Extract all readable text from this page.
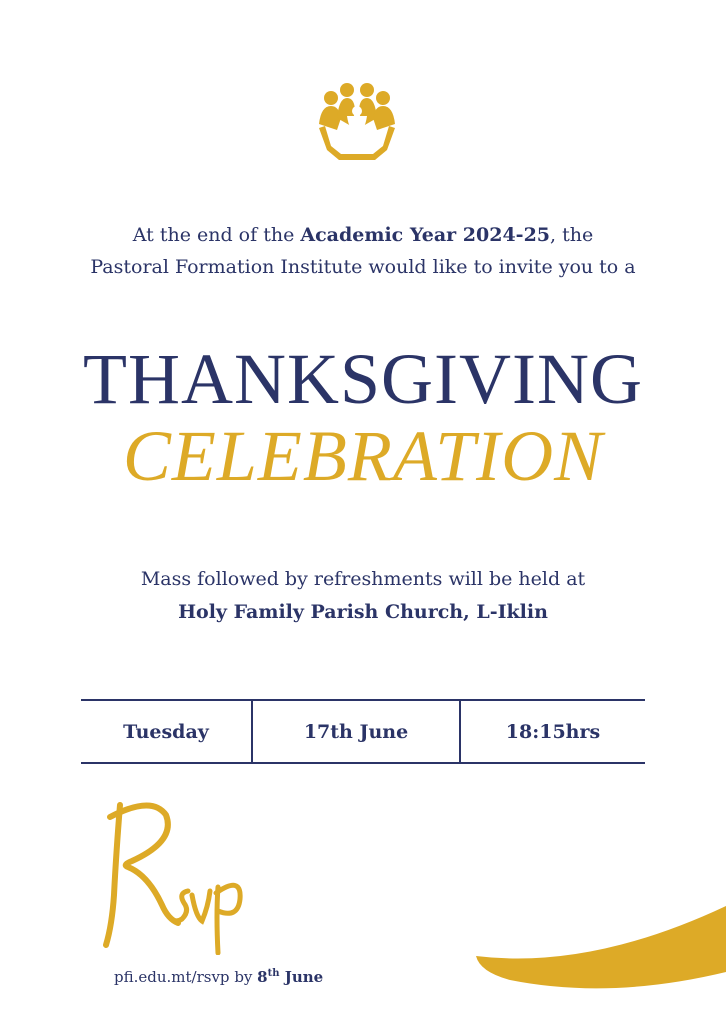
At the end of the Academic Year 2024-25, the
Pastoral Formation Institute would like to invite you to a
THANKSGIVING
CELEBRATION
Mass followed by refreshments will be held at
Holy Family Parish Church, L-Iklin
Tuesday	17th June	18:15hrs
pfi.edu.mt/rsvp by 8th June
